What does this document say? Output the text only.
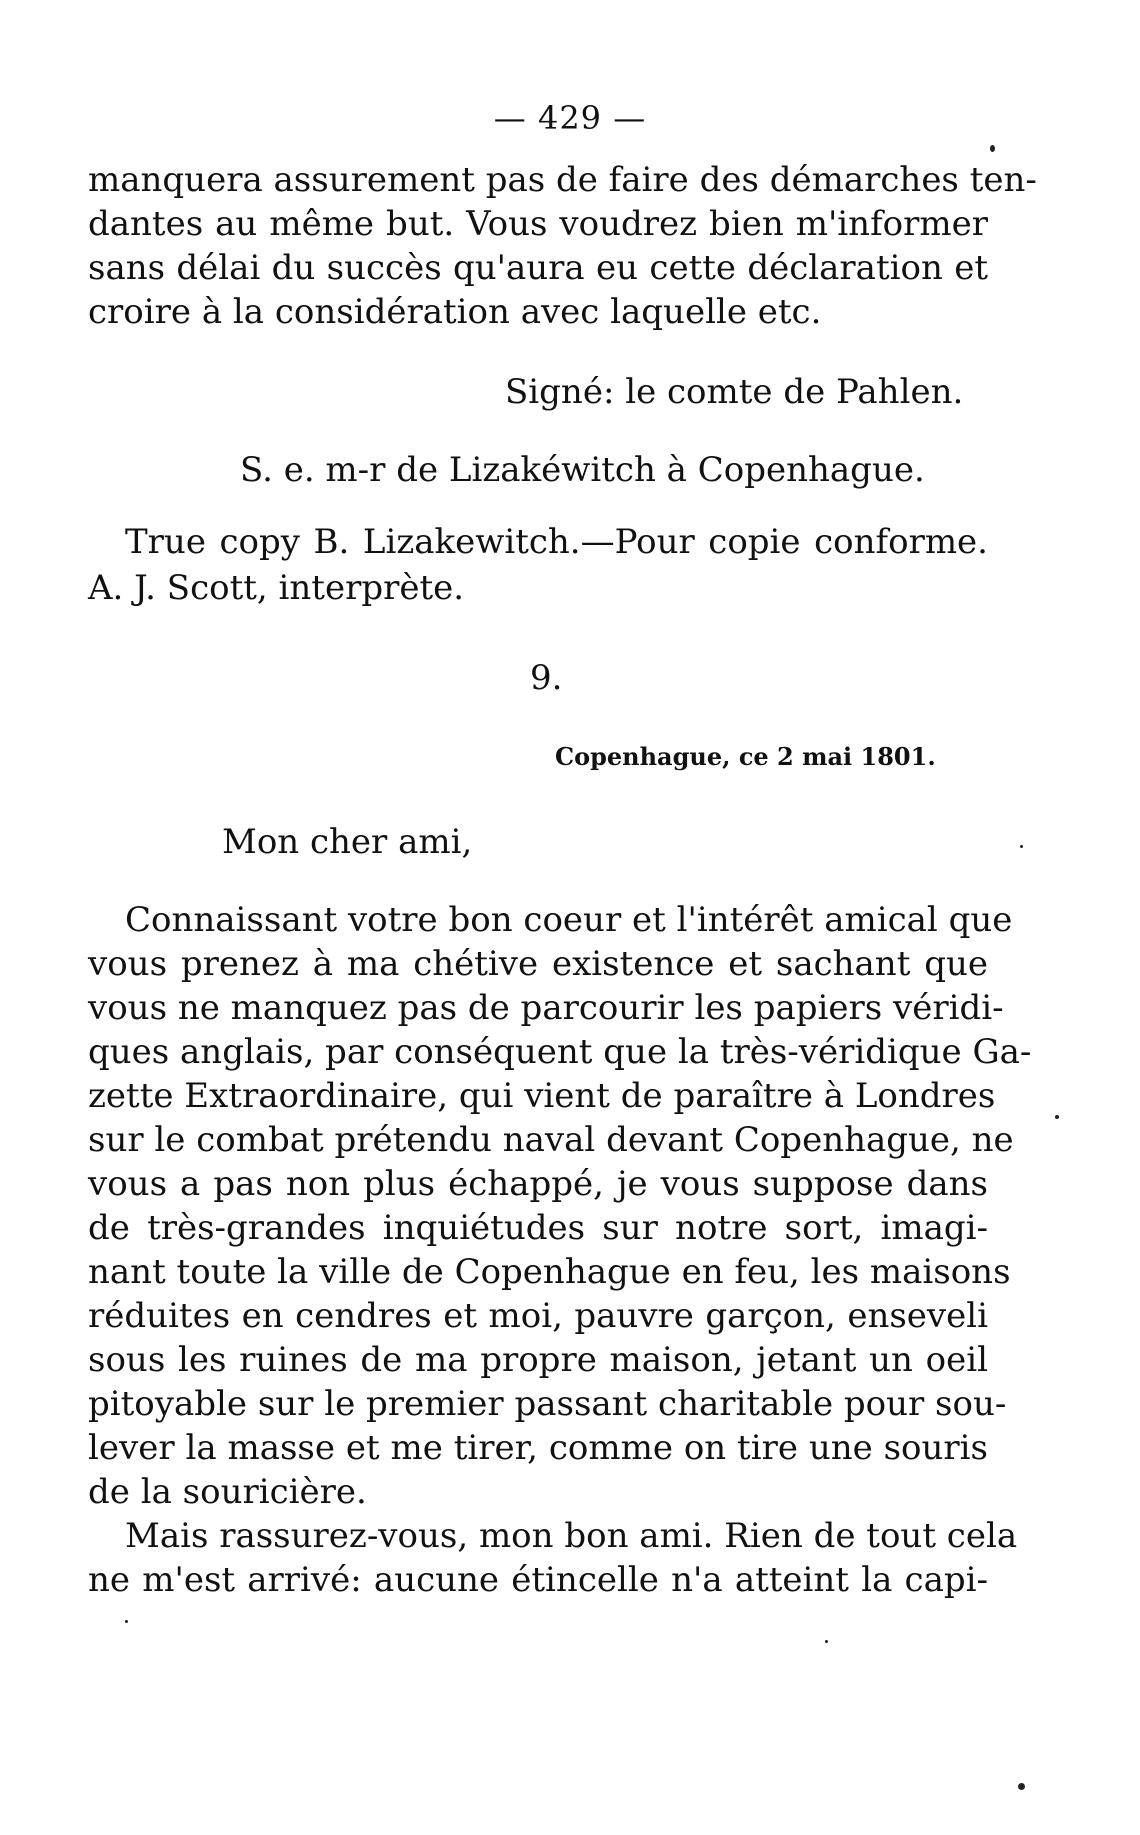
— 429 —
manquera assurement pas de faire des démarches ten-
dantes au même but. Vous voudrez bien m'informer
sans délai du succès qu'aura eu cette déclaration et
croire à la considération avec laquelle etc.
Signé: le comte de Pahlen.
S. e. m-r de Lizakéwitch à Copenhague.
True copy B. Lizakewitch.—Pour copie conforme.
A. J. Scott, interprète.
9.
Copenhague, ce 2 mai 1801.
Mon cher ami,
Connaissant votre bon coeur et l'intérêt amical que
vous prenez à ma chétive existence et sachant que
vous ne manquez pas de parcourir les papiers véridi-
ques anglais, par conséquent que la très-véridique Ga-
zette Extraordinaire, qui vient de paraître à Londres
sur le combat prétendu naval devant Copenhague, ne
vous a pas non plus échappé, je vous suppose dans
de très-grandes inquiétudes sur notre sort, imagi-
nant toute la ville de Copenhague en feu, les maisons
réduites en cendres et moi, pauvre garçon, enseveli
sous les ruines de ma propre maison, jetant un oeil
pitoyable sur le premier passant charitable pour sou-
lever la masse et me tirer, comme on tire une souris
de la souricière.
Mais rassurez-vous, mon bon ami. Rien de tout cela
ne m'est arrivé: aucune étincelle n'a atteint la capi-
